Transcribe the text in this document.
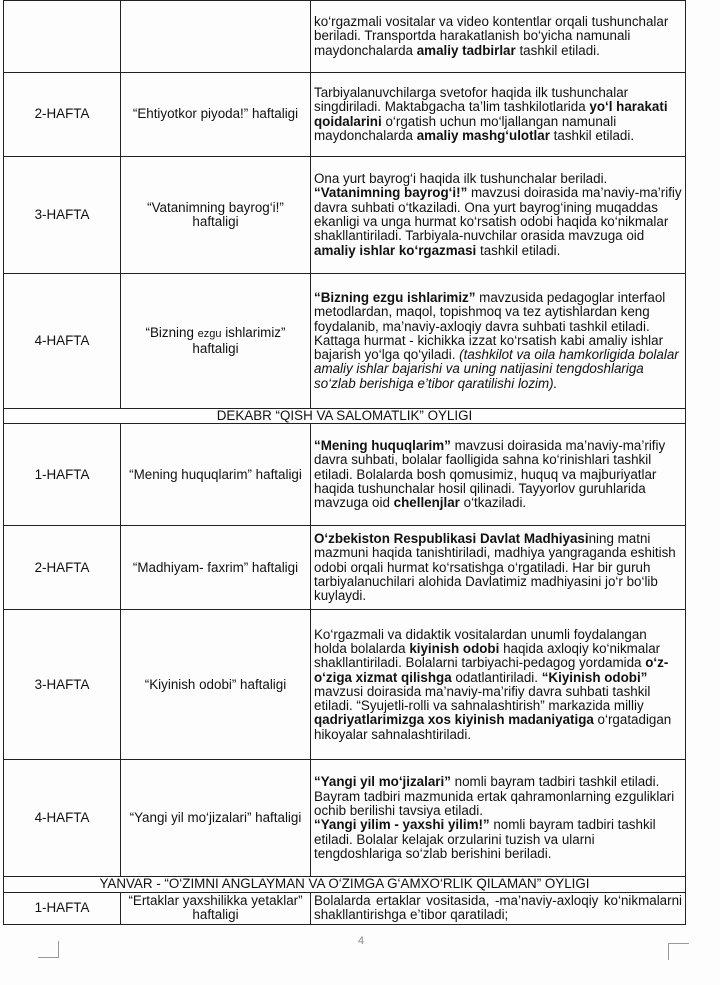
		ko‘rgazmali vositalar va video kontentlar orqali tushunchalar beriladi. Transportda harakatlanish bo‘yicha namunali maydonchalarda amaliy tadbirlar tashkil etiladi.
2-HAFTA	“Ehtiyotkor piyoda!” haftaligi	Tarbiyalanuvchilarga svetofor haqida ilk tushunchalar singdiriladi. Maktabgacha ta’lim tashkilotlarida yo‘l harakati qoidalarini o‘rgatish uchun mo‘ljallangan namunali maydonchalarda amaliy mashg‘ulotlar tashkil etiladi.
3-HAFTA	“Vatanimning bayrog‘i!” haftaligi	Ona yurt bayrog‘i haqida ilk tushunchalar beriladi. “Vatanimning bayrog‘i!” mavzusi doirasida ma’naviy-ma’rifiy davra suhbati o‘tkaziladi. Ona yurt bayrog‘ining muqaddas ekanligi va unga hurmat ko‘rsatish odobi haqida ko‘nikmalar shakllantiriladi. Tarbiyala-nuvchilar orasida mavzuga oid amaliy ishlar ko‘rgazmasi tashkil etiladi.
4-HAFTA	“Bizning ezgu ishlarimiz” haftaligi	“Bizning ezgu ishlarimiz” mavzusida pedagoglar interfaol metodlardan, maqol, topishmoq va tez aytishlardan keng foydalanib, ma’naviy-axloqiy davra suhbati tashkil etiladi. Kattaga hurmat - kichikka izzat ko‘rsatish kabi amaliy ishlar bajarish yo‘lga qo‘yiladi. (tashkilot va oila hamkorligida bolalar amaliy ishlar bajarishi va uning natijasini tengdoshlariga so‘zlab berishiga e’tibor qaratilishi lozim).
DEKABR “QISH VA SALOMATLIK” OYLIGI		
1-HAFTA	“Mening huquqlarim” haftaligi	“Mening huquqlarim” mavzusi doirasida ma’naviy-ma’rifiy davra suhbati, bolalar faolligida sahna ko‘rinishlari tashkil etiladi. Bolalarda bosh qomusimiz, huquq va majburiyatlar haqida tushunchalar hosil qilinadi. Tayyorlov guruhlarida mavzuga oid chellenjlar o‘tkaziladi.
2-HAFTA	“Madhiyam- faxrim” haftaligi	O‘zbekiston Respublikasi Davlat Madhiyasining matni mazmuni haqida tanishtiriladi, madhiya yangraganda eshitish odobi orqali hurmat ko‘rsatishga o‘rgatiladi. Har bir guruh tarbiyalanuchilari alohida Davlatimiz madhiyasini jo‘r bo‘lib kuylaydi.
3-HAFTA	“Kiyinish odobi” haftaligi	Ko‘rgazmali va didaktik vositalardan unumli foydalangan holda bolalarda kiyinish odobi haqida axloqiy ko‘nikmalar shakllantiriladi. Bolalarni tarbiyachi-pedagog yordamida o‘z- o‘ziga xizmat qilishga odatlantiriladi. “Kiyinish odobi” mavzusi doirasida ma’naviy-ma’rifiy davra suhbati tashkil etiladi. “Syujetli-rolli va sahnalashtirish” markazida milliy qadriyatlarimizga xos kiyinish madaniyatiga o‘rgatadigan hikoyalar sahnalashtiriladi.
4-HAFTA	“Yangi yil mo‘jizalari” haftaligi	“Yangi yil mo‘jizalari” nomli bayram tadbiri tashkil etiladi. Bayram tadbiri mazmunida ertak qahramonlarning ezguliklari ochib berilishi tavsiya etiladi.
“Yangi yilim - yaxshi yilim!” nomli bayram tadbiri tashkil etiladi. Bolalar kelajak orzularini tuzish va ularni tengdoshlariga so‘zlab berishini beriladi.

YANVAR - “O‘ZIMNI ANGLAYMAN VA O‘ZIMGA G‘AMXO‘RLIK QILAMAN” OYLIGI		
1-HAFTA	“Ertaklar yaxshilikka yetaklar” haftaligi	Bolalarda ertaklar vositasida, -ma’naviy-axloqiy ko‘nikmalarni shakllantirishga e’tibor qaratiladi;
4
